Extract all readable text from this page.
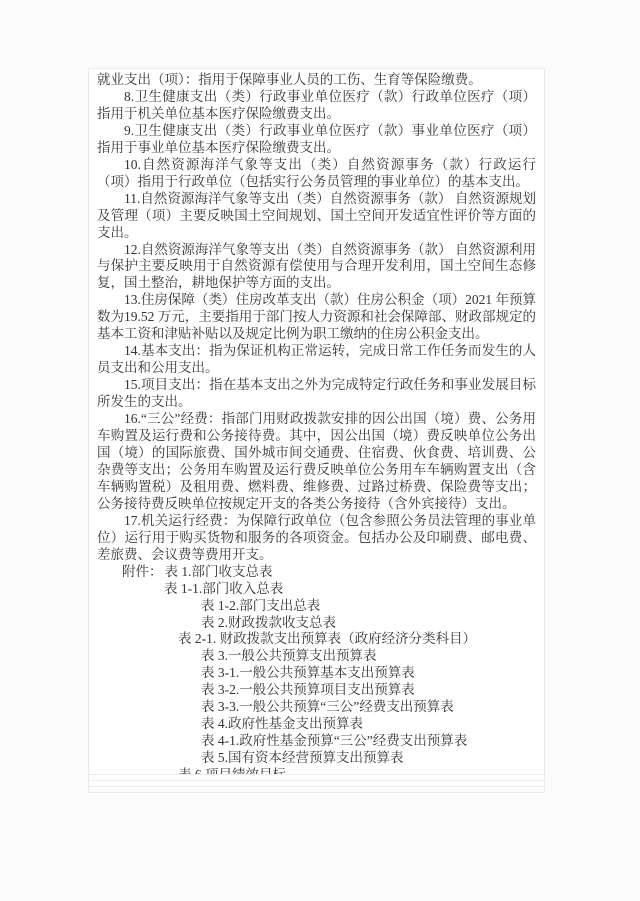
就业支出（项）：指用于保障事业人员的工伤、生育等保险缴费。

8.卫生健康支出（类）行政事业单位医疗（款）行政单位医疗（项）指用于机关单位基本医疗保险缴费支出。

9.卫生健康支出（类）行政事业单位医疗（款）事业单位医疗（项）指用于事业单位基本医疗保险缴费支出。

10.自然资源海洋气象等支出（类）自然资源事务（款）行政运行（项）指用于行政单位（包括实行公务员管理的事业单位）的基本支出。

11.自然资源海洋气象等支出（类）自然资源事务（款） 自然资源规划及管理（项）主要反映国土空间规划、国土空间开发适宜性评价等方面的支出。

12.自然资源海洋气象等支出（类）自然资源事务（款） 自然资源利用与保护主要反映用于自然资源有偿使用与合理开发利用，国土空间生态修复，国土整治，耕地保护等方面的支出。

13.住房保障（类）住房改革支出（款）住房公积金（项）2021 年预算数为19.52 万元，主要指用于部门按人力资源和社会保障部、财政部规定的基本工资和津贴补贴以及规定比例为职工缴纳的住房公积金支出。

14.基本支出：指为保证机构正常运转，完成日常工作任务而发生的人员支出和公用支出。

15.项目支出：指在基本支出之外为完成特定行政任务和事业发展目标所发生的支出。

16.“三公”经费：指部门用财政拨款安排的因公出国（境）费、公务用车购置及运行费和公务接待费。其中，因公出国（境）费反映单位公务出国（境）的国际旅费、国外城市间交通费、住宿费、伙食费、培训费、公杂费等支出；公务用车购置及运行费反映单位公务用车车辆购置支出（含车辆购置税）及租用费、燃料费、维修费、过路过桥费、保险费等支出；公务接待费反映单位按规定开支的各类公务接待（含外宾接待）支出。

17.机关运行经费：为保障行政单位（包含参照公务员法管理的事业单位）运行用于购买货物和服务的各项资金。包括办公及印刷费、邮电费、差旅费、会议费等费用开支。

附件： 表 1.部门收支总表

表 1-1.部门收入总表

表 1-2.部门支出总表

表 2.财政拨款收支总表

表 2-1. 财政拨款支出预算表（政府经济分类科目）

表 3.一般公共预算支出预算表

表 3-1.一般公共预算基本支出预算表

表 3-2.一般公共预算项目支出预算表

表 3-3.一般公共预算“三公”经费支出预算表

表 4.政府性基金支出预算表

表 4-1.政府性基金预算“三公”经费支出预算表

表 5.国有资本经营预算支出预算表
